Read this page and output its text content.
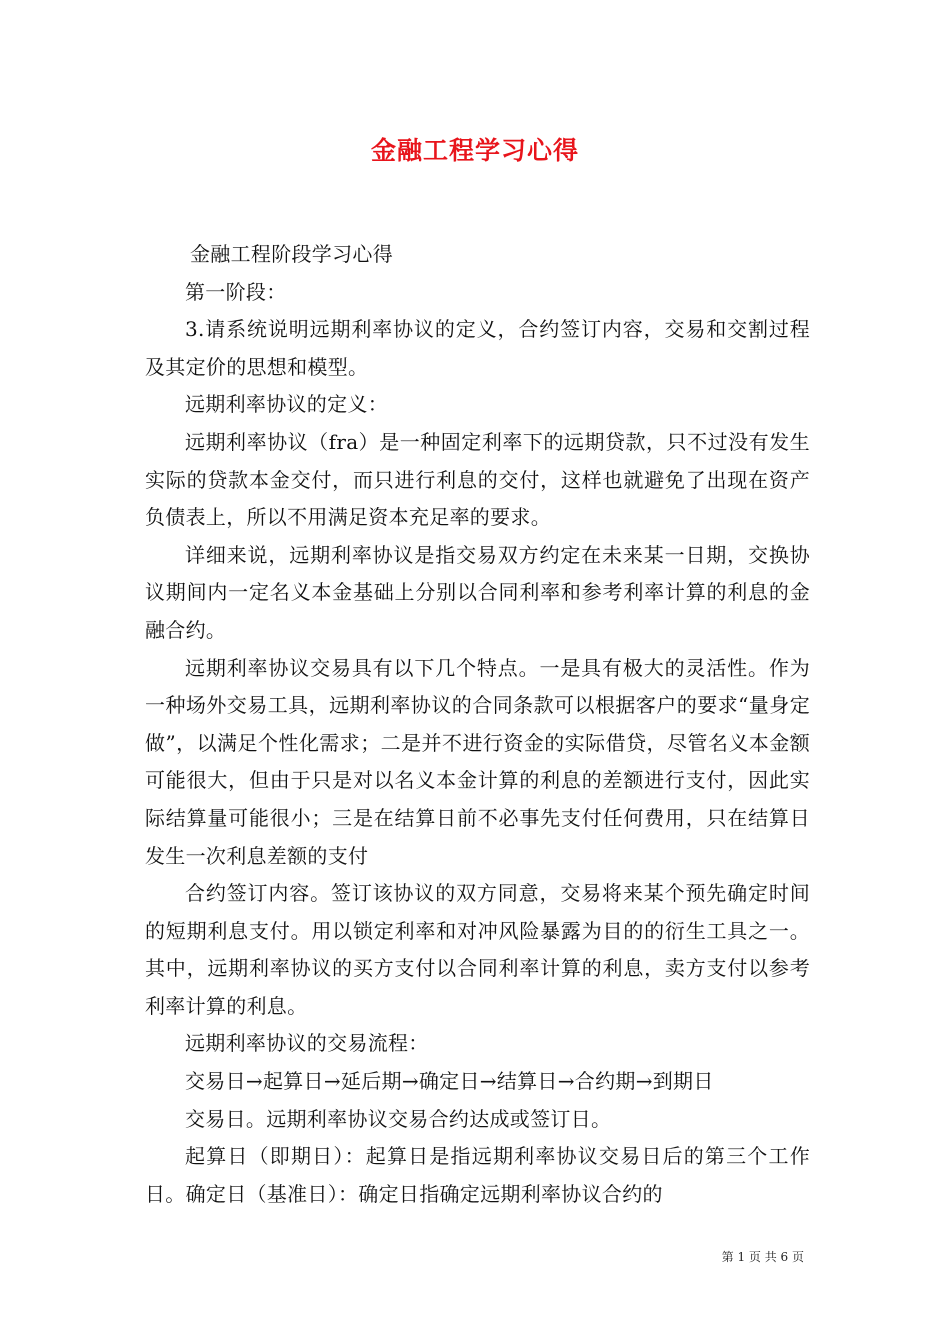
金融工程学习心得

金融工程阶段学习心得

第一阶段：

3.请系统说明远期利率协议的定义，合约签订内容，交易和交割过程及其定价的思想和模型。

远期利率协议的定义：

远期利率协议（fra）是一种固定利率下的远期贷款，只不过没有发生实际的贷款本金交付，而只进行利息的交付，这样也就避免了出现在资产负债表上，所以不用满足资本充足率的要求。

详细来说，远期利率协议是指交易双方约定在未来某一日期，交换协议期间内一定名义本金基础上分别以合同利率和参考利率计算的利息的金融合约。

远期利率协议交易具有以下几个特点。一是具有极大的灵活性。作为一种场外交易工具，远期利率协议的合同条款可以根据客户的要求“量身定做”，以满足个性化需求；二是并不进行资金的实际借贷，尽管名义本金额可能很大，但由于只是对以名义本金计算的利息的差额进行支付，因此实际结算量可能很小；三是在结算日前不必事先支付任何费用，只在结算日发生一次利息差额的支付

合约签订内容。签订该协议的双方同意，交易将来某个预先确定时间的短期利息支付。用以锁定利率和对冲风险暴露为目的的衍生工具之一。其中，远期利率协议的买方支付以合同利率计算的利息，卖方支付以参考利率计算的利息。

远期利率协议的交易流程：

交易日→起算日→延后期→确定日→结算日→合约期→到期日

交易日。远期利率协议交易合约达成或签订日。

起算日（即期日）：起算日是指远期利率协议交易日后的第三个工作日。确定日（基准日）：确定日指确定远期利率协议合约的

第 1 页 共 6 页
